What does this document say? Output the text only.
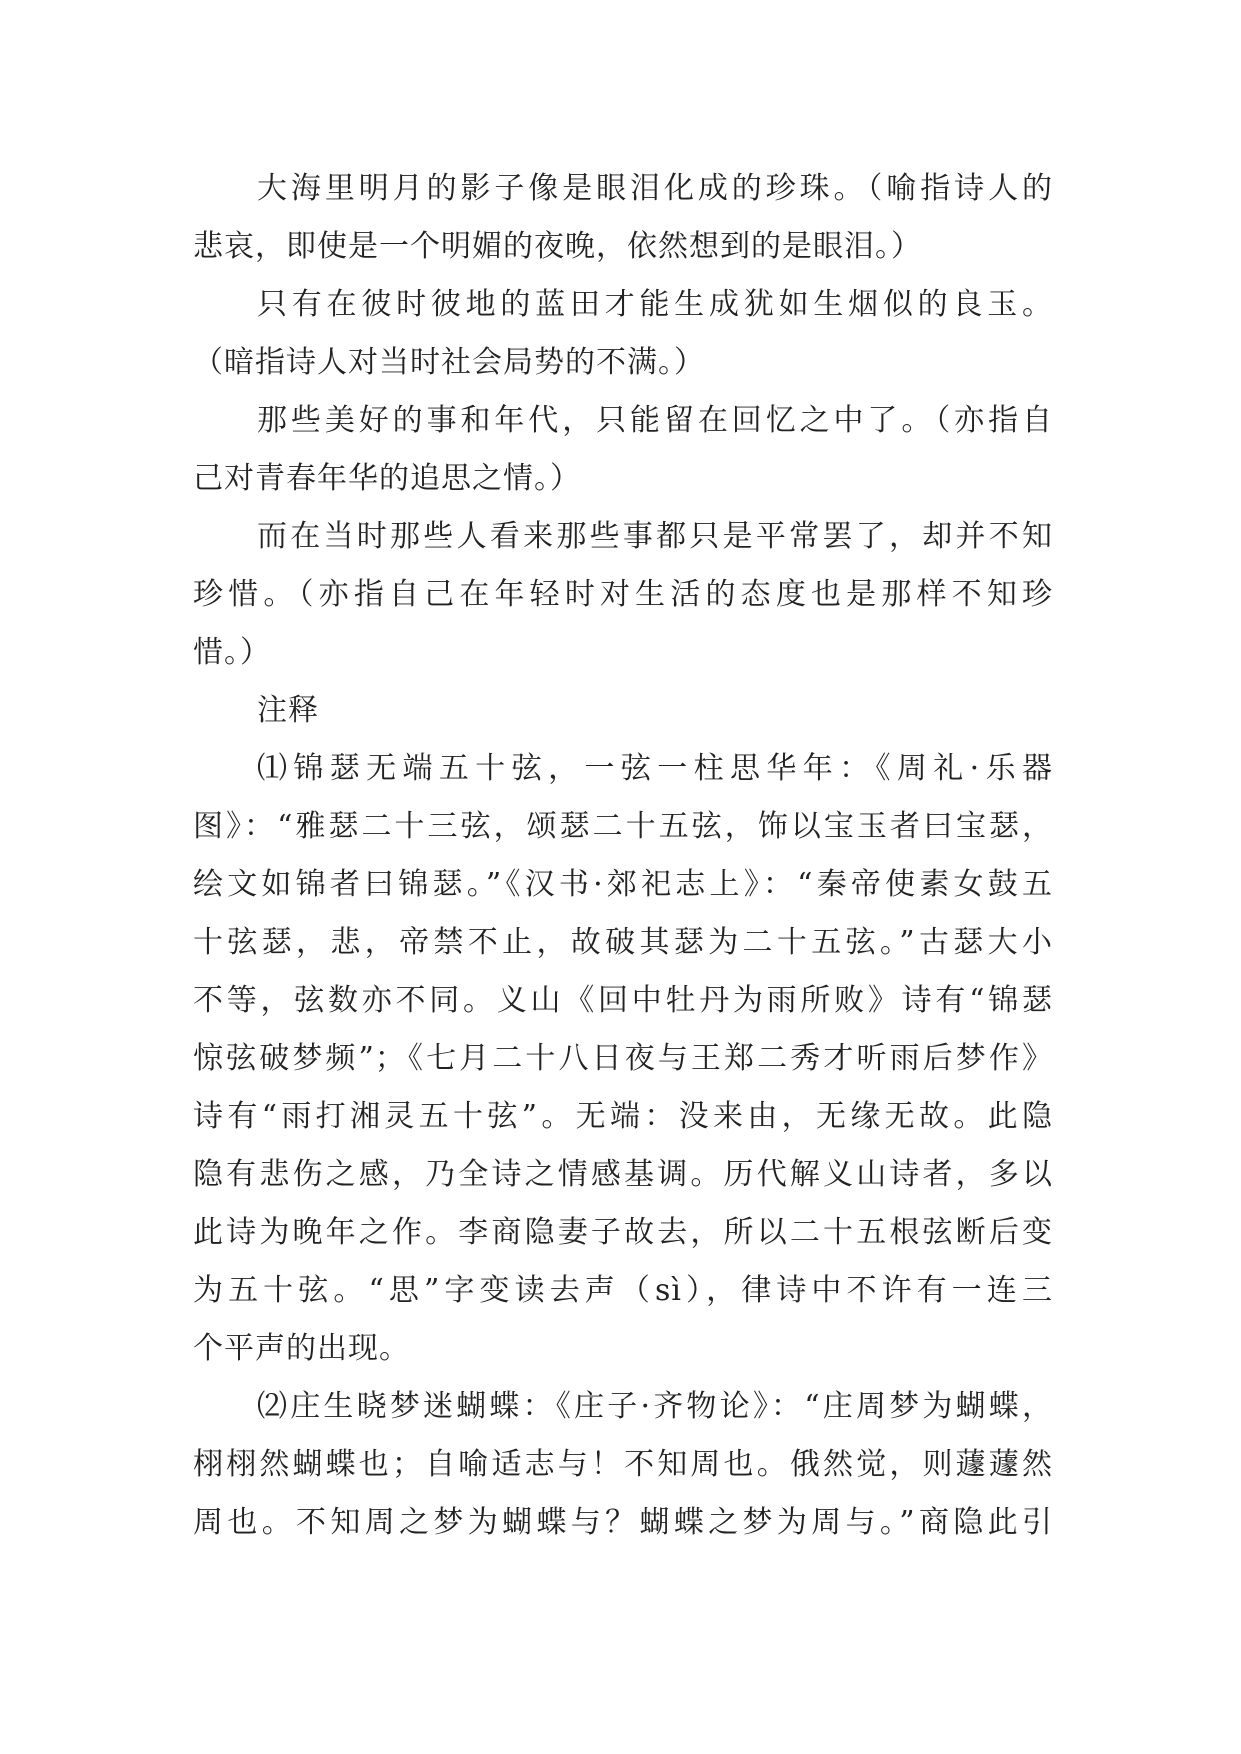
大海里明月的影子像是眼泪化成的珍珠。（喻指诗人的
悲哀，即使是一个明媚的夜晚，依然想到的是眼泪。）
只有在彼时彼地的蓝田才能生成犹如生烟似的良玉。
（暗指诗人对当时社会局势的不满。）
那些美好的事和年代，只能留在回忆之中了。（亦指自
己对青春年华的追思之情。）
而在当时那些人看来那些事都只是平常罢了，却并不知
珍惜。（亦指自己在年轻时对生活的态度也是那样不知珍
惜。）
注释
⑴锦瑟无端五十弦，一弦一柱思华年：《周礼·乐器
图》：“雅瑟二十三弦，颂瑟二十五弦，饰以宝玉者曰宝瑟，
绘文如锦者曰锦瑟。”《汉书·郊祀志上》：“秦帝使素女鼓五
十弦瑟，悲，帝禁不止，故破其瑟为二十五弦。”古瑟大小
不等，弦数亦不同。义山《回中牡丹为雨所败》诗有“锦瑟
惊弦破梦频”；《七月二十八日夜与王郑二秀才听雨后梦作》
诗有“雨打湘灵五十弦”。无端：没来由，无缘无故。此隐
隐有悲伤之感，乃全诗之情感基调。历代解义山诗者，多以
此诗为晚年之作。李商隐妻子故去，所以二十五根弦断后变
为五十弦。“思”字变读去声（sì），律诗中不许有一连三
个平声的出现。
⑵庄生晓梦迷蝴蝶：《庄子·齐物论》：“庄周梦为蝴蝶，
栩栩然蝴蝶也；自喻适志与！不知周也。俄然觉，则蘧蘧然
周也。不知周之梦为蝴蝶与？蝴蝶之梦为周与。”商隐此引
